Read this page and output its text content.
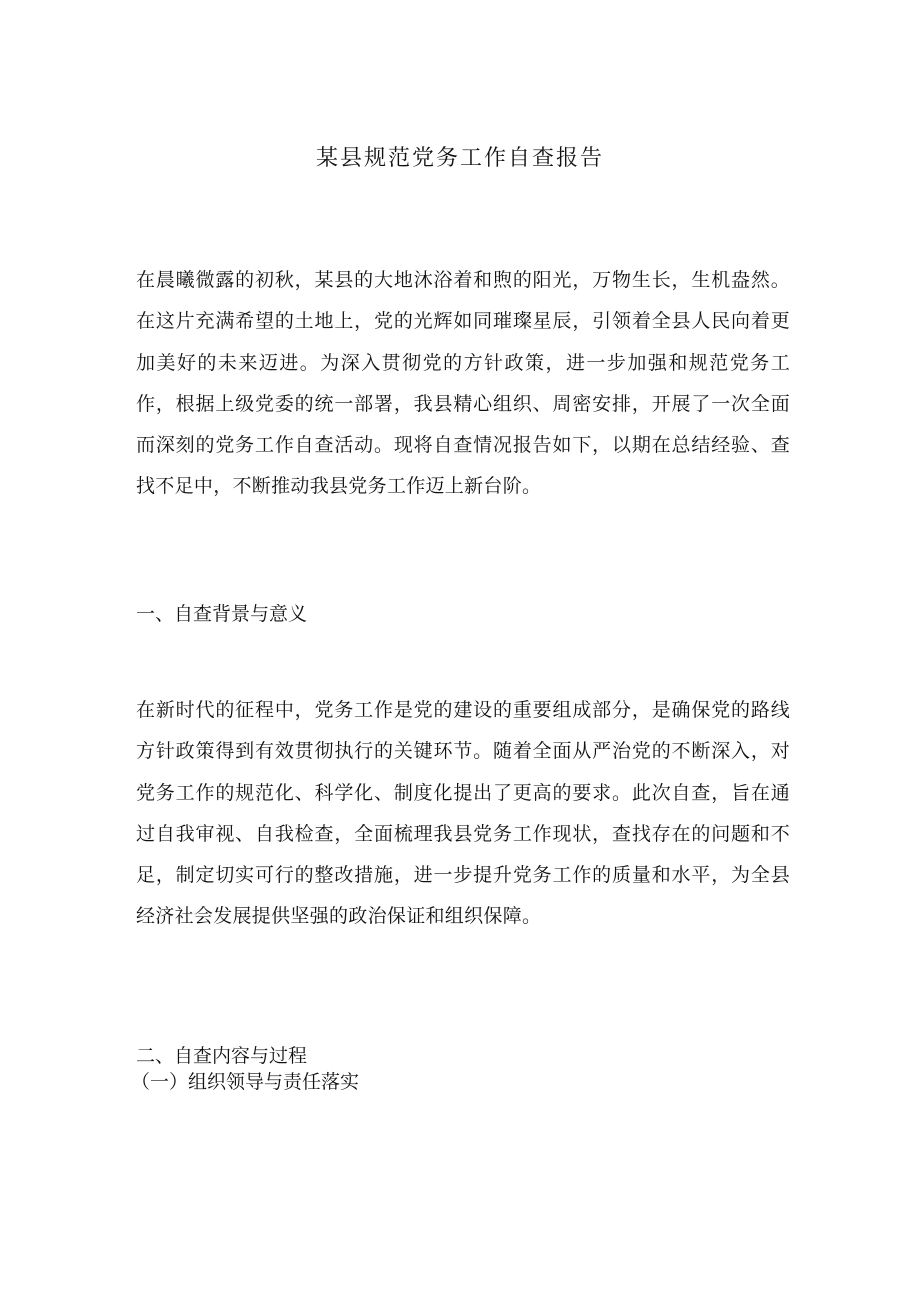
某县规范党务工作自查报告

在晨曦微露的初秋，某县的大地沐浴着和煦的阳光，万物生长，生机盎然。在这片充满希望的土地上，党的光辉如同璀璨星辰，引领着全县人民向着更加美好的未来迈进。为深入贯彻党的方针政策，进一步加强和规范党务工作，根据上级党委的统一部署，我县精心组织、周密安排，开展了一次全面而深刻的党务工作自查活动。现将自查情况报告如下，以期在总结经验、查找不足中，不断推动我县党务工作迈上新台阶。

一、自查背景与意义

在新时代的征程中，党务工作是党的建设的重要组成部分，是确保党的路线方针政策得到有效贯彻执行的关键环节。随着全面从严治党的不断深入，对党务工作的规范化、科学化、制度化提出了更高的要求。此次自查，旨在通过自我审视、自我检查，全面梳理我县党务工作现状，查找存在的问题和不足，制定切实可行的整改措施，进一步提升党务工作的质量和水平，为全县经济社会发展提供坚强的政治保证和组织保障。

二、自查内容与过程
（一）组织领导与责任落实
